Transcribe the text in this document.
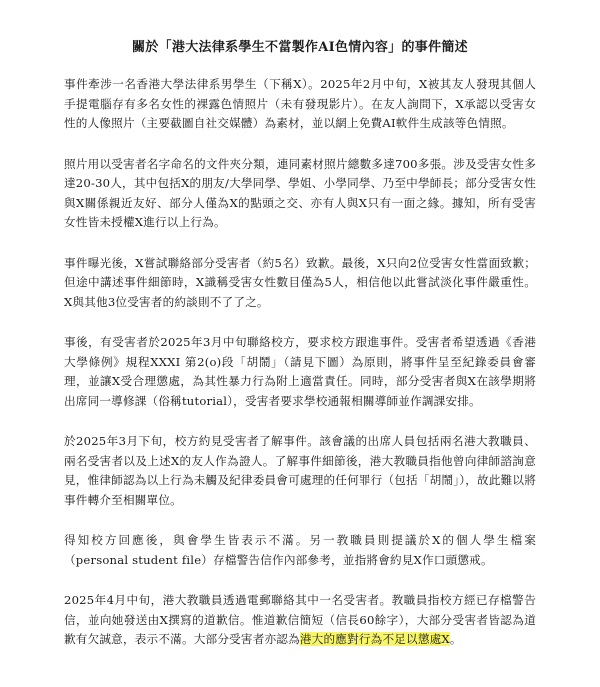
關於「港大法律系學生不當製作AI色情內容」的事件簡述

事件牽涉一名香港大學法律系男學生（下稱X）。2025年2月中旬，X被其友人發現其個人手提電腦存有多名女性的裸露色情照片（未有發現影片）。在友人詢問下，X承認以受害女性的人像照片（主要截圖自社交媒體）為素材，並以網上免費AI軟件生成該等色情照。

照片用以受害者名字命名的文件夾分類，連同素材照片總數多達700多張。涉及受害女性多達20-30人，其中包括X的朋友/大學同學、學姐、小學同學、乃至中學師長；部分受害女性與X關係親近友好、部分人僅為X的點頭之交、亦有人與X只有一面之緣。據知，所有受害女性皆未授權X進行以上行為。

事件曝光後，X嘗試聯絡部分受害者（約5名）致歉。最後，X只向2位受害女性當面致歉；但途中講述事件細節時，X識稱受害女性數目僅為5人，相信他以此嘗試淡化事件嚴重性。X與其他3位受害者的約談則不了了之。

事後，有受害者於2025年3月中旬聯絡校方，要求校方跟進事件。受害者希望透過《香港大學條例》規程XXXI 第2(o)段「胡鬧」（請見下圖）為原則，將事件呈至紀錄委員會審理，並讓X受合理懲處，為其性暴力行為附上適當責任。同時，部分受害者與X在該學期將出席同一導修課（俗稱tutorial），受害者要求學校通報相關導師並作調課安排。

於2025年3月下旬，校方約見受害者了解事件。該會議的出席人員包括兩名港大教職員、兩名受害者以及上述X的友人作為證人。了解事件細節後，港大教職員指他曾向律師諮詢意見，惟律師認為以上行為未觸及紀律委員會可處理的任何罪行（包括「胡鬧」），故此難以將事件轉介至相關單位。

得知校方回應後，與會學生皆表示不滿。另一教職員則提議於X的個人學生檔案（personal student file）存檔警告信作內部參考，並指將會約見X作口頭懲戒。

2025年4月中旬，港大教職員透過電郵聯絡其中一名受害者。教職員指校方經已存檔警告信，並向她發送由X撰寫的道歉信。惟道歉信簡短（信長60餘字），大部分受害者皆認為道歉有欠誠意，表示不滿。大部分受害者亦認為港大的應對行為不足以懲處X。
